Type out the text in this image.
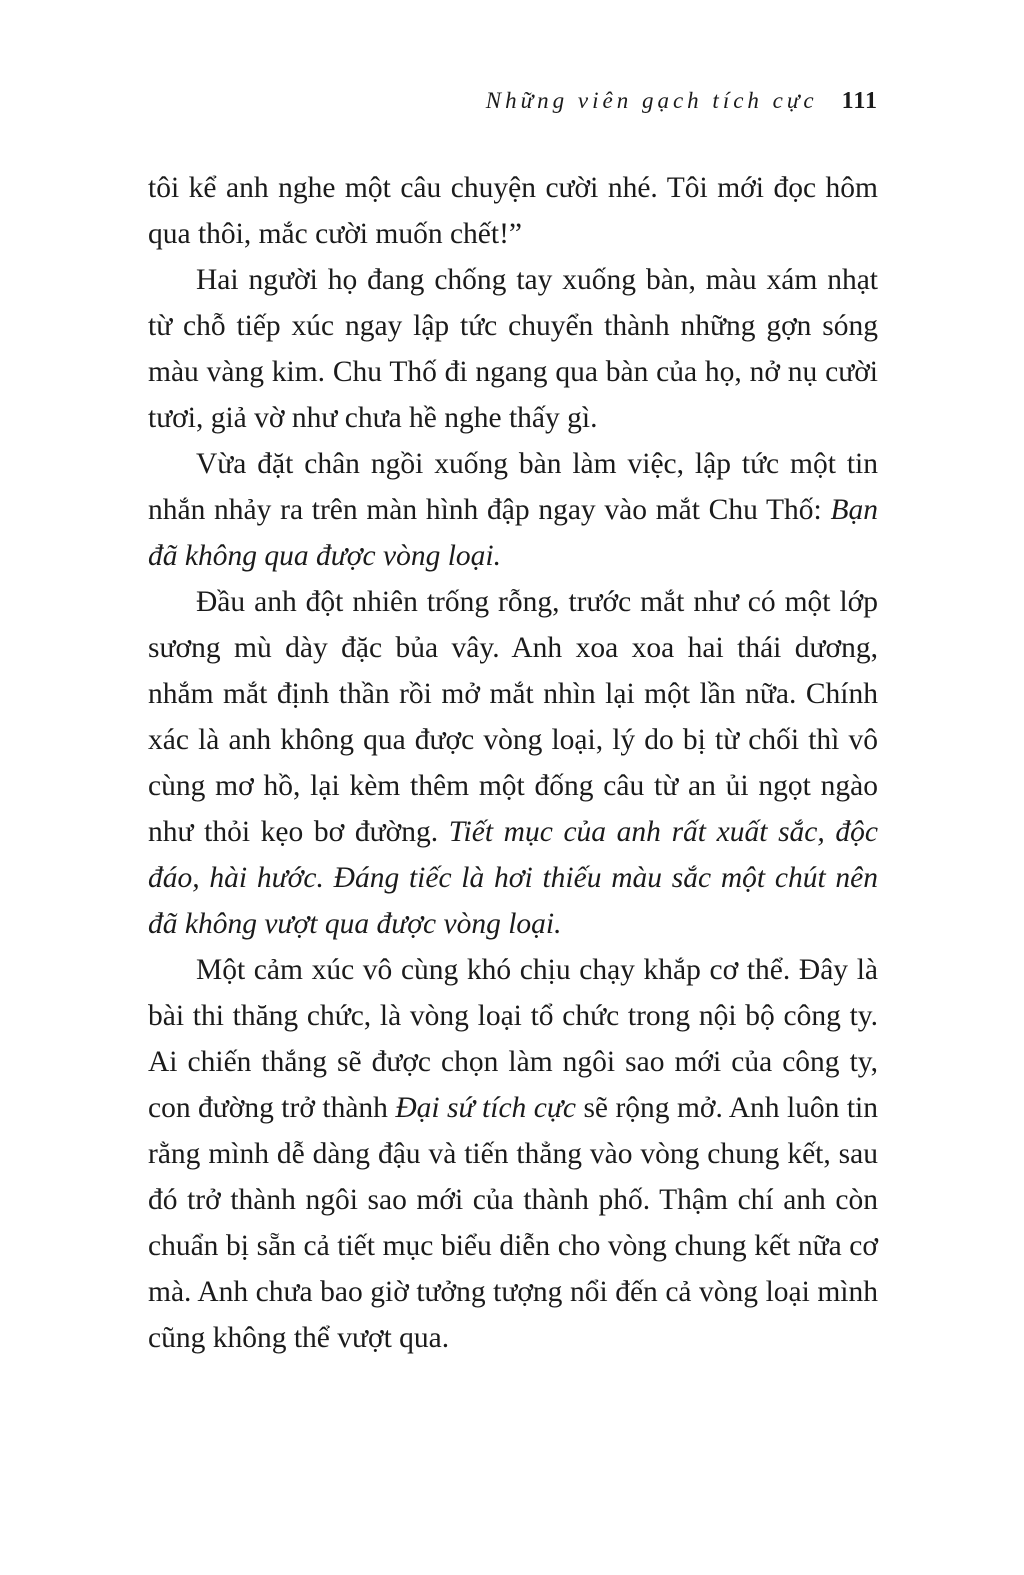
Những viên gạch tích cực 111

tôi kể anh nghe một câu chuyện cười nhé. Tôi mới đọc hôm qua thôi, mắc cười muốn chết!”

Hai người họ đang chống tay xuống bàn, màu xám nhạt từ chỗ tiếp xúc ngay lập tức chuyển thành những gợn sóng màu vàng kim. Chu Thố đi ngang qua bàn của họ, nở nụ cười tươi, giả vờ như chưa hề nghe thấy gì.

Vừa đặt chân ngồi xuống bàn làm việc, lập tức một tin nhắn nhảy ra trên màn hình đập ngay vào mắt Chu Thố: Bạn đã không qua được vòng loại.

Đầu anh đột nhiên trống rỗng, trước mắt như có một lớp sương mù dày đặc bủa vây. Anh xoa xoa hai thái dương, nhắm mắt định thần rồi mở mắt nhìn lại một lần nữa. Chính xác là anh không qua được vòng loại, lý do bị từ chối thì vô cùng mơ hồ, lại kèm thêm một đống câu từ an ủi ngọt ngào như thỏi kẹo bơ đường. Tiết mục của anh rất xuất sắc, độc đáo, hài hước. Đáng tiếc là hơi thiếu màu sắc một chút nên đã không vượt qua được vòng loại.

Một cảm xúc vô cùng khó chịu chạy khắp cơ thể. Đây là bài thi thăng chức, là vòng loại tổ chức trong nội bộ công ty. Ai chiến thắng sẽ được chọn làm ngôi sao mới của công ty, con đường trở thành Đại sứ tích cực sẽ rộng mở. Anh luôn tin rằng mình dễ dàng đậu và tiến thẳng vào vòng chung kết, sau đó trở thành ngôi sao mới của thành phố. Thậm chí anh còn chuẩn bị sẵn cả tiết mục biểu diễn cho vòng chung kết nữa cơ mà. Anh chưa bao giờ tưởng tượng nổi đến cả vòng loại mình cũng không thể vượt qua.
